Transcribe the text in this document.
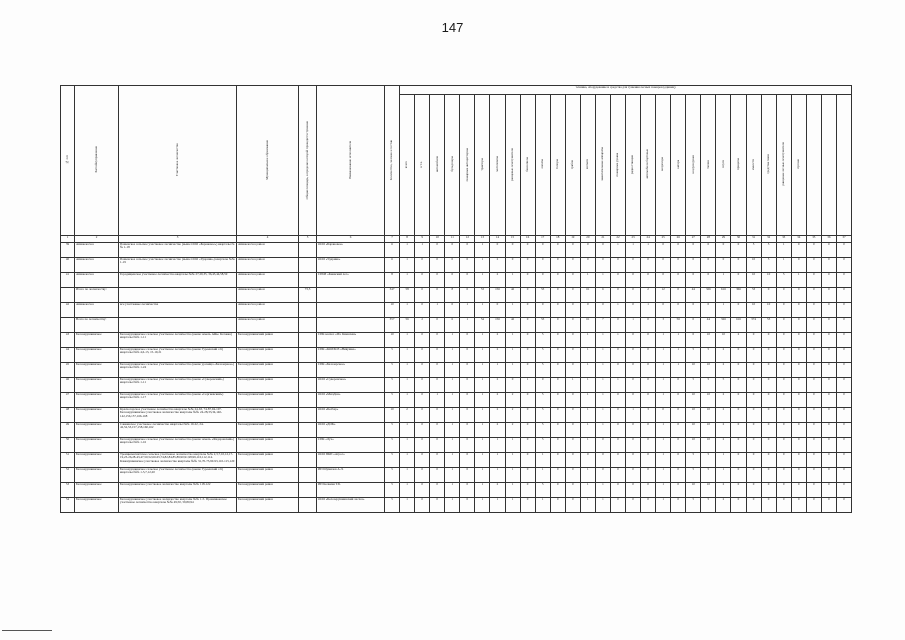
147
№ п/п	Бассейнуправление	Участковое лесничество	Муниципальное образование	Общая площадь, в пределах которой проводится тушение	Наименование исполнителя	Количество, человек и состав	техника, оборудование и средства для тушения лесных пожаров (единиц)																													
							всего	в т.ч.	автомобили	бульдозеры	пожарные автоцистерны	тракторы	мотопомпы	ранцевые огнетушители	бензопилы	лопаты	топоры	грабли	мотыги	зажигательные аппараты	пожарные рукава	радиостанции	автомобили бортовые	вездеходы	катера	воздуходувки	тягачи	плуги	прицепы	емкости	средства связи	ранцевые лесные огнетушители	прочие			
1	2	3	4	5	6	7	8	9	10	11	12	13	14	15	16	17	18	19	20	21	22	23	24	25	26	27	28	29	30	31	32	33	34	35	36	37
39	Аймаклесхоз	Пашенское сельское участковое лесничество (выше ООО «Барановое») кварталы №№ 1-18	Аймаклесхоз район		ООО «Барановое»	6	1	1	0	0	0	1	0	0	0	0	0	0	0	0	1	1	1	0	0	0	0	0	0	5	5	1	0	0	0	0
40	Аймаклесхоз	Пашенское сельское участковое лесничество (выше ООО «Ударник») кварталы №№ 1-19	Аймаклесхоз район		ООО «Ударник»	6	1	0	0	0	0	1	2	0	0	0	0	0	0	0	0	0	0	0	0	0	0	0	0	10	5	1	0	0	0	0
41	Аймаклесхоз	Городищенское участковое лесничество кварталы №№ 27,29,35, 36,43,44,58,59	Аймаклесхоз район		СПбИ «Киевский лес»	8	1	0	0	0	0	1	2	1	0	0	0	0	1	1	0	0	0	0	0	0	0	1	0	10	10	5	1	0	0	0
	Итого по лесничеству:		Аймаклесхоз район	73,5		347	58	0	0	8	0	53	156	42	0	53	0	0	61	6	0	0	2	12	0	44	326	616	366	53	0	0	0	0	0	0
42	Аймаклесхоз	все участковые лесничества	Аймаклесхоз район			10	1	0	1	0	1	1	0	1	0	0	0	0	0	0	1	0	1	0	0	0	0	1	0	10	10	0	0	0	0	0
	Всего по лесничеству:		Аймаклесхоз район			357	56	2	0	6	1	54	156	42	0	53	0	0	61	7	0	1	0	3	56	0	44	326	616	374	53	0	0	0	0	0
43	Белозерушкинское	Белозерушкинское сельское участковое лесничество (выше земель АФы. Котовка) кварталы №№ 1-11	Белозерушкинский район		СПК колхоз «Ил. Киевская»	10	1	0	0	1	0	1	2	1	0	5	0	0	1	1	1	0	0	1	1	0	10	10	2	0	0	0	0	0	0	0
44	Белозерушкинское	Белозерушкинское сельское участковое лесничество (выше Гуреевский с/п) кварталы №№ 4,6-13, 15-19,21	Белозерушкинский район		СПК «КОЛХОЗ «Нивушка»	5	1	0	0	1	0	1	2	1	0	5	0	0	1	1	0	0	0	1	1	5	5	2	0	0	0	0	0	0	0	0
45	Белозерушкинское	Белозерушкинское сельское участковое лесничество (выше урочища «Белозерное») кварталы №№ 1-24	Белозерушкинский район		СПК «Белозерское»	5	1	0	0	1	0	1	1	1	0	5	0	0	1	1	0	0	0	1	1	10	10	2	0	0	0	0	0	0	0	0
46	Белозерушкинское	Белозерушкинское сельское участковое лесничество (выше «Суворовский») кварталы №№ 1-11	Белозерушкинский район		ООО «Суворовское»	5	1	0	0	1	0	1	2	0	1	0	0	1	1	1	1	0	0	1	0	5	5	5	0	0	0	0	0	0	0	0
47	Белозерушкинское	Белозерушкинское сельское участковое лесничество (выше «Сергиевский») кварталы №№ 1-17	Белозерушкинский район		ООО «МилДон»	5	1	0	1	1	0	1	2	2	0	5	0	0	1	1	0	0	0	1	0	10	10	2	0	0	0	0	0	0	0	0
48	Белозерушкинское	Красногорское участковое лесничество кварталы №№ 24-63, 74-87,94-107. Белозерушкинское участковое лесничество кварталы №№ 24-28,33,34,140-142,156,157,166-168	Белозерушкинский район		ООО «Белбер»	10	2	0	0	1	0	1	2	2	0	5	0	0	1	1	0	1	3	0	0	10	10	2	0	0	0	0	0	0	0	0
49	Белозерушкинское	Савкинское участковое лесничество кварталы №№ 10-22, 24-42,52,53,157,158,160,162	Белозерушкинский район		ООО «ДОК»	5	1	0	0	1	0	1	2	2	0	5	0	0	1	1	0	0	0	1	0	10	10	2	0	0	0	0	0	0	0	0
50	Белозерушкинское	Белозерушкинское сельское участковое лесничество (выше земель «Федоровский») кварталы №№ 1-16	Белозерушкинский район		СПК «Луч»	5	1	0	0	1	0	1	1	1	0	5	0	0	1	0	0	0	0	1	0	10	10	2	0	0	0	0	0	0	0	0
51	Белозерушкинское	Троицкомагнитское сельское участковое лесничество кварталы №№ 2,3,7,10,12,17-19,23-26,28-43,47,50,52,60-65,74,82,84,85,89,90,91,98,99,110,112,114. Каменушкинское участковое лесничество кварталы №№ 31,70-73,90-93,110-115,120	Белозерушкинский район		ООО ПКП «Агрос»	5	1	0	0	1	0	1	1	1	0	1	0	0	0	0	0	0	0	1	0	5	5	1	0	0	0	0	0	0	0	0
52	Белозерушкинское	Белозерушкинское сельское участковое лесничество (выше Гуреевский с/п) кварталы №№ 1-5,7,12,20	Белозерушкинский район		ИП Шумилов А.Л.	5	1	0	0	1	0	1	1	1	0	1	0	0	1	0	0	0	0	1	0	5	5	1	0	0	0	0	0	0	0	0
53	Белозерушкинское	Белозерушкинское участковое лесничество кварталы №№ 118-122	Белозерушкинский район		ИП Колкина Т.Б.	5	1	0	0	1	0	1	2	1	0	5	0	0	1	1	0	0	0	1	0	10	10	2	0	0	0	0	0	0	0	0
54	Белозерушкинское	Белозерушкинское участковое лесничество кварталы №№ 1-5. Пронинковское участковое лесничество кварталы №№ 49,50, 59,80,94	Белозерушкинский район		ООО «Белозерушкинский лесхоз»	5	1	0	0	1	0	1	1	1	0	1	0	0	1	1	0	0	0	1	0	5	5	2	0	0	0	0	0	0	0	0
